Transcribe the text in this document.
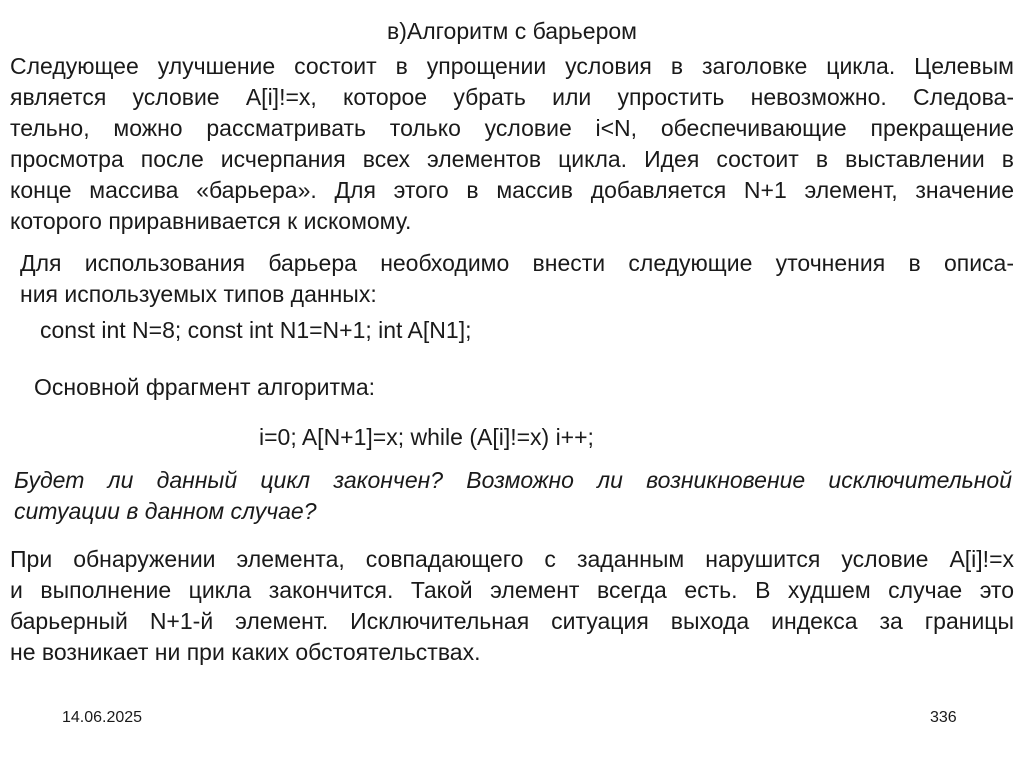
в)Алгоритм с барьером
Следующее улучшение состоит в упрощении условия в заголовке цикла. Целевым
является условие A[i]!=x, которое убрать или упростить невозможно. Следова-
тельно, можно рассматривать только условие i<N, обеспечивающие прекращение
просмотра после исчерпания всех элементов цикла. Идея состоит в выставлении в
конце массива «барьера». Для этого в массив добавляется N+1 элемент, значение
которого приравнивается к искомому.
Для использования барьера необходимо внести следующие уточнения в описа-
ния используемых типов данных:
const int N=8; const int N1=N+1; int A[N1];
Основной фрагмент алгоритма:
i=0; A[N+1]=x; while (A[i]!=x) i++;
Будет ли данный цикл закончен? Возможно ли возникновение исключительной
ситуации в данном случае?
При обнаружении элемента, совпадающего с заданным нарушится условие A[i]!=x
и выполнение цикла закончится. Такой элемент всегда есть. В худшем случае это
барьерный N+1-й элемент. Исключительная ситуация выхода индекса за границы
не возникает ни при каких обстоятельствах.
14.06.2025	336
